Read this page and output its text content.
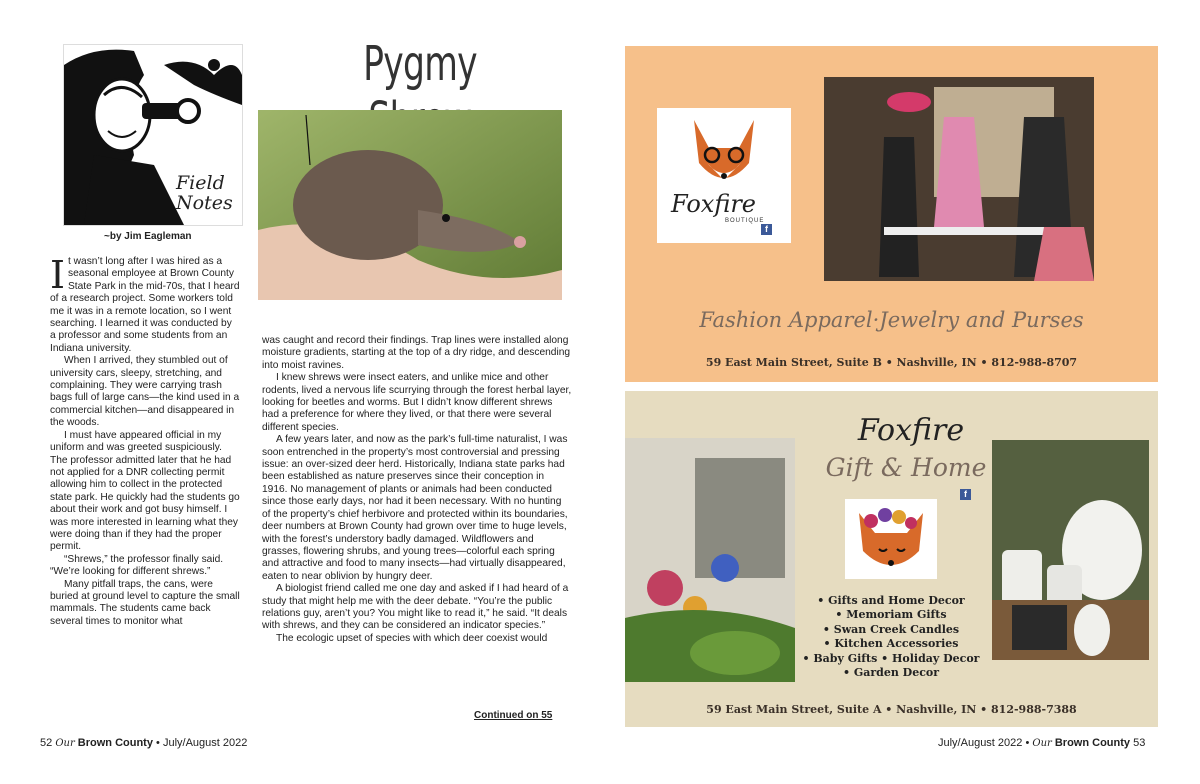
Field Notes
~by Jim Eagleman
Pygmy

It wasn’t long after I was hired as a seasonal employee at Brown County State Park in the mid-70s, that I heard of a research project. Some workers told me it was in a remote location, so I went searching. I learned it was conducted by a professor and some students from an Indiana university.

When I arrived, they stumbled out of university cars, sleepy, stretching, and complaining. They were carrying trash bags full of large cans—the kind used in a commercial kitchen—and disappeared in the woods.

I must have appeared official in my uniform and was greeted suspiciously. The professor admitted later that he had not applied for a DNR collecting permit allowing him to collect in the protected state park. He quickly had the students go about their work and got busy himself. I was more interested in learning what they were doing than if they had the proper permit.

“Shrews,” the professor finally said. “We’re looking for different shrews.”

Many pitfall traps, the cans, were buried at ground level to capture the small mammals. The students came back several times to monitor what

was caught and record their findings. Trap lines were installed along moisture gradients, starting at the top of a dry ridge, and descending into moist ravines.

I knew shrews were insect eaters, and unlike mice and other rodents, lived a nervous life scurrying through the forest herbal layer, looking for beetles and worms. But I didn’t know different shrews had a preference for where they lived, or that there were several different species.

A few years later, and now as the park’s full-time naturalist, I was soon entrenched in the property’s most controversial and pressing issue: an over-sized deer herd. Historically, Indiana state parks had been established as nature preserves since their conception in 1916. No management of plants or animals had been conducted since those early days, nor had it been necessary. With no hunting of the property’s chief herbivore and protected within its boundaries, deer numbers at Brown County had grown over time to huge levels, with the forest’s understory badly damaged. Wildflowers and grasses, flowering shrubs, and young trees—colorful each spring and attractive and food to many insects—had virtually disappeared, eaten to near oblivion by hungry deer.

A biologist friend called me one day and asked if I had heard of a study that might help me with the deer debate. “You’re the public relations guy, aren’t you? You might like to read it,” he said. “It deals with shrews, and they can be considered an indicator species.”

The ecologic upset of species with which deer coexist would

Continued on 55
52 Our Brown County • July/August 2022
Foxfire
BOUTIQUE
f
Fashion Apparel·Jewelry and Purses
59 East Main Street, Suite B • Nashville, IN • 812-988-8707
Foxfire
Gift & Home
f
• Gifts and Home Decor
• Memoriam Gifts
• Swan Creek Candles
• Kitchen Accessories
• Baby Gifts • Holiday Decor
• Garden Decor
59 East Main Street, Suite A • Nashville, IN • 812-988-7388
July/August 2022 • Our Brown County 53
